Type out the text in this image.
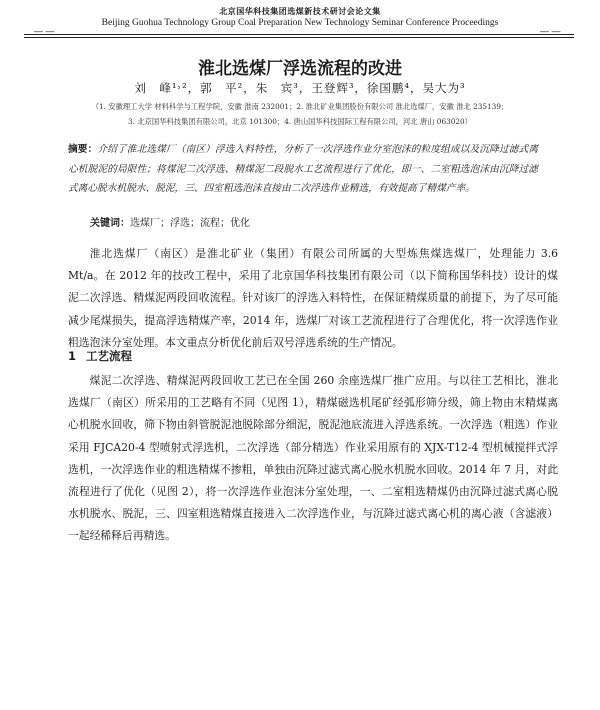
北京国华科技集团选煤新技术研讨会论文集
Beijing Guohua Technology Group Coal Preparation New Technology Seminar Conference Proceedings
— —	— —
淮北选煤厂浮选流程的改进
刘　峰¹˒²，郭　平²，朱　宾³，王登辉³，徐国鹏⁴，吴大为³
（1. 安徽理工大学 材料科学与工程学院，安徽 淮南 232001；2. 淮北矿业集团股份有限公司 淮北选煤厂，安徽 淮北 235139；
3. 北京国华科技集团有限公司，北京 101300；4. 唐山国华科技国际工程有限公司，河北 唐山 063020）
摘要：介绍了淮北选煤厂（南区）浮选入料特性，分析了一次浮选作业分室泡沫的粒度组成以及沉降过滤式离心机脱泥的局限性；将煤泥二次浮选、精煤泥二段脱水工艺流程进行了优化，即一、二室粗选泡沫由沉降过滤式离心脱水机脱水、脱泥，三、四室粗选泡沫直接由二次浮选作业精选，有效提高了精煤产率。
关键词：选煤厂；浮选；流程；优化
淮北选煤厂（南区）是淮北矿业（集团）有限公司所属的大型炼焦煤选煤厂，处理能力 3.6 Mt/a。在 2012 年的技改工程中，采用了北京国华科技集团有限公司（以下简称国华科技）设计的煤泥二次浮选、精煤泥两段回收流程。针对该厂的浮选入料特性，在保证精煤质量的前提下，为了尽可能减少尾煤损失，提高浮选精煤产率，2014 年，选煤厂对该工艺流程进行了合理优化，将一次浮选作业粗选泡沫分室处理。本文重点分析优化前后双号浮选系统的生产情况。
1 工艺流程
煤泥二次浮选、精煤泥两段回收工艺已在全国 260 余座选煤厂推广应用。与以往工艺相比，淮北选煤厂（南区）所采用的工艺略有不同（见图 1），精煤磁选机尾矿经弧形筛分级，筛上物由末精煤离心机脱水回收，筛下物由斜管脱泥池脱除部分细泥，脱泥池底流进入浮选系统。一次浮选（粗选）作业采用 FJCA20-4 型喷射式浮选机，二次浮选（部分精选）作业采用原有的 XJX-T12-4 型机械搅拌式浮选机，一次浮选作业的粗选精煤不掺粗，单独由沉降过滤式离心脱水机脱水回收。2014 年 7 月，对此流程进行了优化（见图 2），将一次浮选作业泡沫分室处理，一、二室粗选精煤仍由沉降过滤式离心脱水机脱水、脱泥，三、四室粗选精煤直接进入二次浮选作业，与沉降过滤式离心机的离心液（含滤液）一起经稀释后再精选。
